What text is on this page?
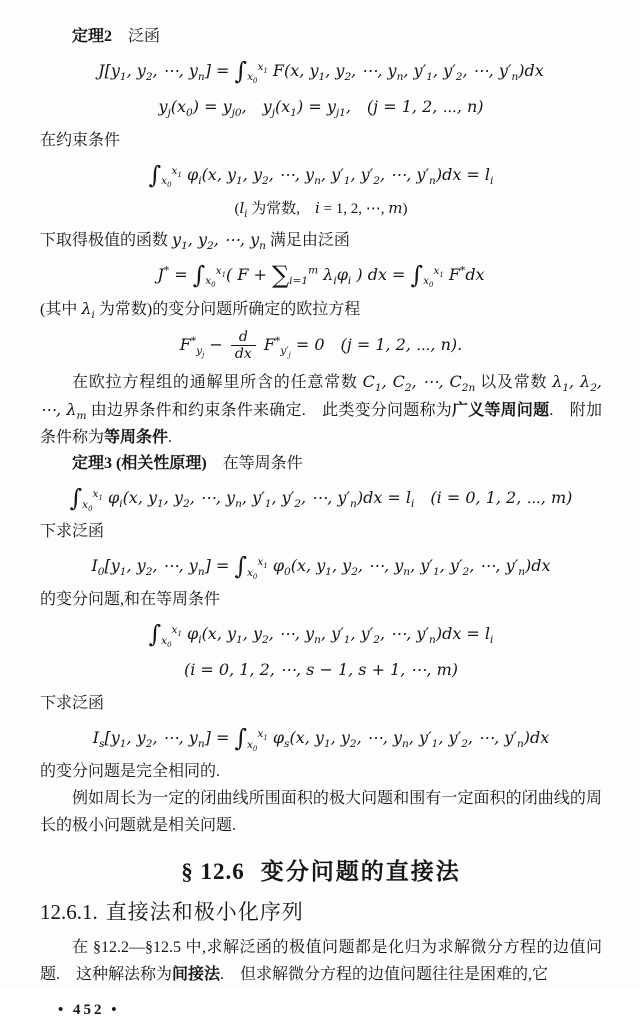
定理2　泛函

$J[y_1$, $y_2$, ⋯, $y_n] = \int_{x_0}^{x_1}$ F(x, $y_1$, $y_2$, ⋯, $y_n$, $y'_1$, $y'_2$, ⋯, $y'_n)dx$

$y_j(x_0) = y_{j0}$,　$y_j(x_1) = y_{j1}$,　(j = 1, 2, ⋯, n)

在约束条件

$\int_{x_0}^{x_1}$ $\varphi_i(x$, $y_1$, $y_2$, ⋯, $y_n$, $y'_1$, $y'_2$, ⋯, $y'_n)dx = l_i$

($l_i$ 为常数,　i = 1, 2, ⋯, m)

下取得极值的函数 $y_1$, $y_2$, ⋯, $y_n$ 满足由泛函

$J^* = \int_{x_0}^{x_1}$( $F + \sum_{i=1}^m$ $\lambda_i\varphi_i$ ) dx = $\int_{x_0}^{x_1}$ F*dx

(其中 $\lambda_i$ 为常数)的变分问题所确定的欧拉方程

$F^*_{y_j} - \frac{d}{dx} F^*_{y'_j} = 0$　(j = 1, 2, ⋯, n).

在欧拉方程组的通解里所含的任意常数 $C_1$, $C_2$, ⋯, $C_{2n}$ 以及常数 $\lambda_1$, $\lambda_2$, ⋯, $\lambda_m$ 由边界条件和约束条件来确定.　此类变分问题称为广义等周问题.　附加条件称为等周条件.

定理3 (相关性原理)　在等周条件

$\int_{x_0}^{x_1}$ $\varphi_i(x$, $y_1$, $y_2$, ⋯, $y_n$, $y'_1$, $y'_2$, ⋯, $y'_n)dx = l_i$　(i = 0, 1, 2, ⋯, m)

下求泛函

$I_0[y_1$, $y_2$, ⋯, $y_n] = \int_{x_0}^{x_1}$ $\varphi_0(x$, $y_1$, $y_2$, ⋯, $y_n$, $y'_1$, $y'_2$, ⋯, $y'_n)dx$

的变分问题,和在等周条件

$\int_{x_0}^{x_1}$ $\varphi_i(x$, $y_1$, $y_2$, ⋯, $y_n$, $y'_1$, $y'_2$, ⋯, $y'_n)dx = l_i$

(i = 0, 1, 2, ⋯, s − 1, s + 1, ⋯, m)

下求泛函

$I_s[y_1$, $y_2$, ⋯, $y_n] = \int_{x_0}^{x_1}$ $\varphi_s(x$, $y_1$, $y_2$, ⋯, $y_n$, $y'_1$, $y'_2$, ⋯, $y'_n)dx$

的变分问题是完全相同的.

例如周长为一定的闭曲线所围面积的极大问题和围有一定面积的闭曲线的周长的极小问题就是相关问题.

§ 12.6 变分问题的直接法
12.6.1. 直接法和极小化序列

在 §12.2—§12.5 中,求解泛函的极值问题都是化归为求解微分方程的边值问题.　这种解法称为间接法.　但求解微分方程的边值问题往往是困难的,它

• 452 •
